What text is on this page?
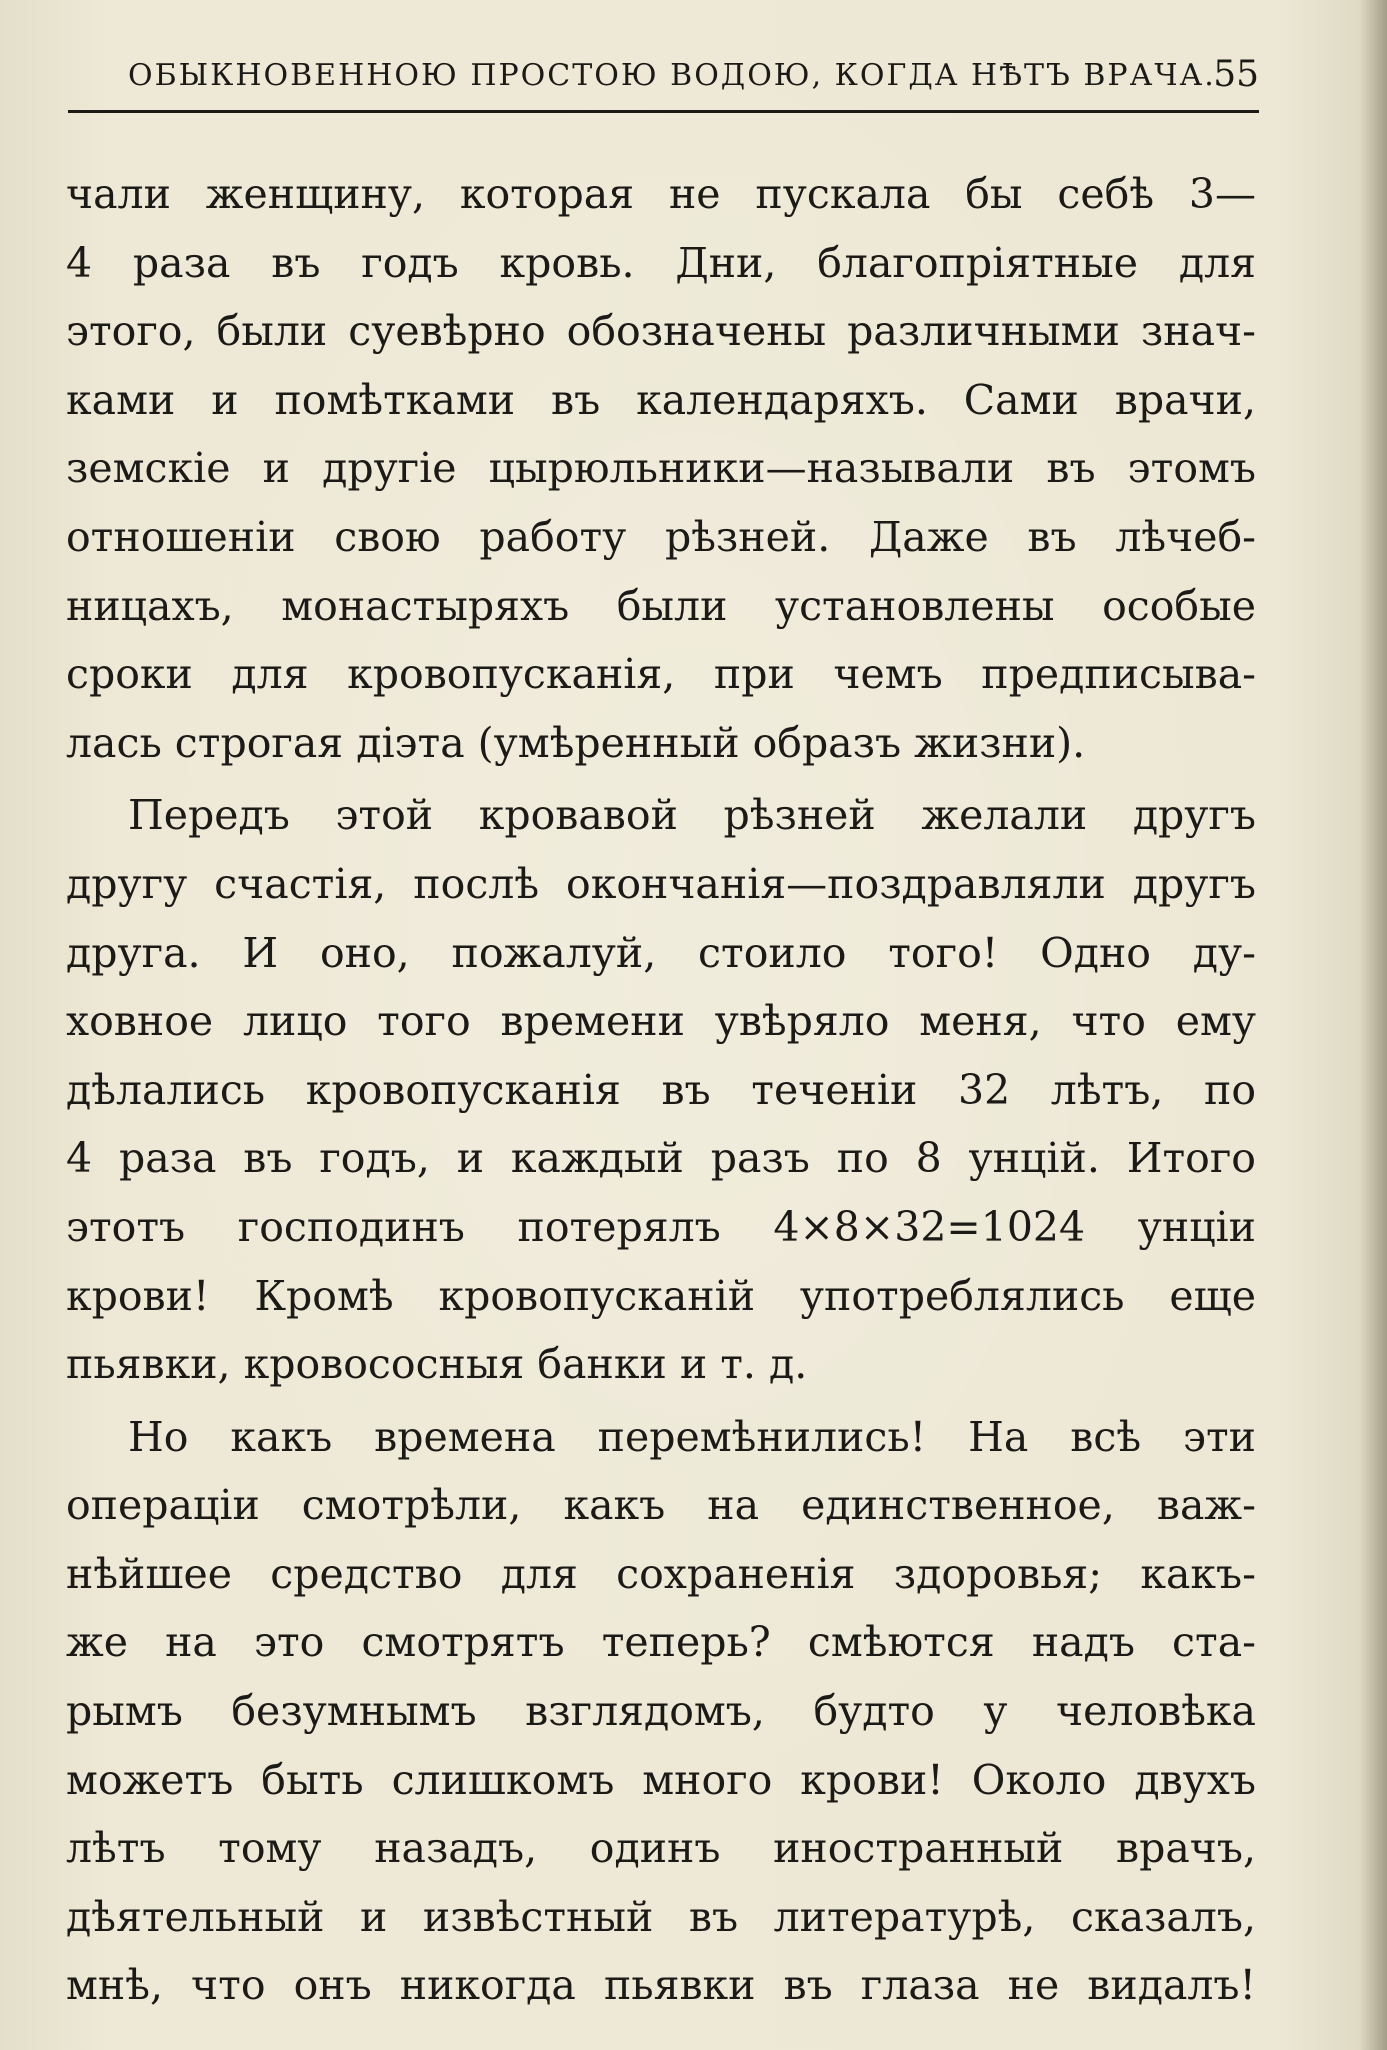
ОБЫКНОВЕННОЮ ПРОСТОЮ ВОДОЮ, КОГДА НѢТЪ ВРАЧА.
55
чали женщину, которая не пускала бы себѣ 3—
4 раза въ годъ кровь. Дни, благопріятные для
этого, были суевѣрно обозначены различными знач-
ками и помѣтками въ календаряхъ. Сами врачи,
земскіе и другіе цырюльники—называли въ этомъ
отношеніи свою работу рѣзней. Даже въ лѣчеб-
ницахъ, монастыряхъ были установлены особые
сроки для кровопусканія, при чемъ предписыва-
лась строгая діэта (умѣренный образъ жизни).
Передъ этой кровавой рѣзней желали другъ
другу счастія, послѣ окончанія—поздравляли другъ
друга. И оно, пожалуй, стоило того! Одно ду-
ховное лицо того времени увѣряло меня, что ему
дѣлались кровопусканія въ теченіи 32 лѣтъ, по
4 раза въ годъ, и каждый разъ по 8 унцій. Итого
этотъ господинъ потерялъ 4×8×32=1024 унціи
крови! Кромѣ кровопусканій употреблялись еще
пьявки, кровососныя банки и т. д.
Но какъ времена перемѣнились! На всѣ эти
операціи смотрѣли, какъ на единственное, важ-
нѣйшее средство для сохраненія здоровья; какъ-
же на это смотрятъ теперь? смѣются надъ ста-
рымъ безумнымъ взглядомъ, будто у человѣка
можетъ быть слишкомъ много крови! Около двухъ
лѣтъ тому назадъ, одинъ иностранный врачъ,
дѣятельный и извѣстный въ литературѣ, сказалъ,
мнѣ, что онъ никогда пьявки въ глаза не видалъ!
